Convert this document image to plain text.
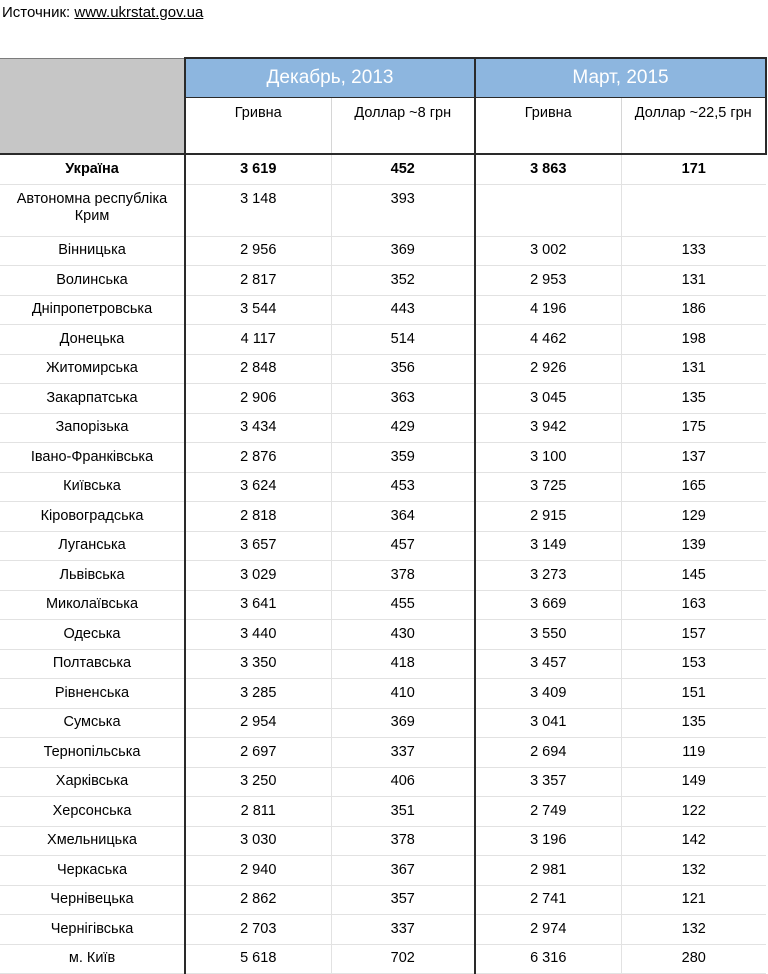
Источник: www.ukrstat.gov.ua
	Декабрь, 2013		Март, 2015	
	Гривна	Доллар ~8 грн	Гривна	Доллар ~22,5 грн
Україна	3 619	452	3 863	171
Автономна республіка Крим	3 148	393		
Вінницька	2 956	369	3 002	133
Волинська	2 817	352	2 953	131
Дніпропетровська	3 544	443	4 196	186
Донецька	4 117	514	4 462	198
Житомирська	2 848	356	2 926	131
Закарпатська	2 906	363	3 045	135
Запорізька	3 434	429	3 942	175
Івано-Франківська	2 876	359	3 100	137
Київська	3 624	453	3 725	165
Кіровоградська	2 818	364	2 915	129
Луганська	3 657	457	3 149	139
Львівська	3 029	378	3 273	145
Миколаївська	3 641	455	3 669	163
Одеська	3 440	430	3 550	157
Полтавська	3 350	418	3 457	153
Рівненська	3 285	410	3 409	151
Сумська	2 954	369	3 041	135
Тернопільська	2 697	337	2 694	119
Харківська	3 250	406	3 357	149
Херсонська	2 811	351	2 749	122
Хмельницька	3 030	378	3 196	142
Черкаська	2 940	367	2 981	132
Чернівецька	2 862	357	2 741	121
Чернігівська	2 703	337	2 974	132
м. Київ	5 618	702	6 316	280
